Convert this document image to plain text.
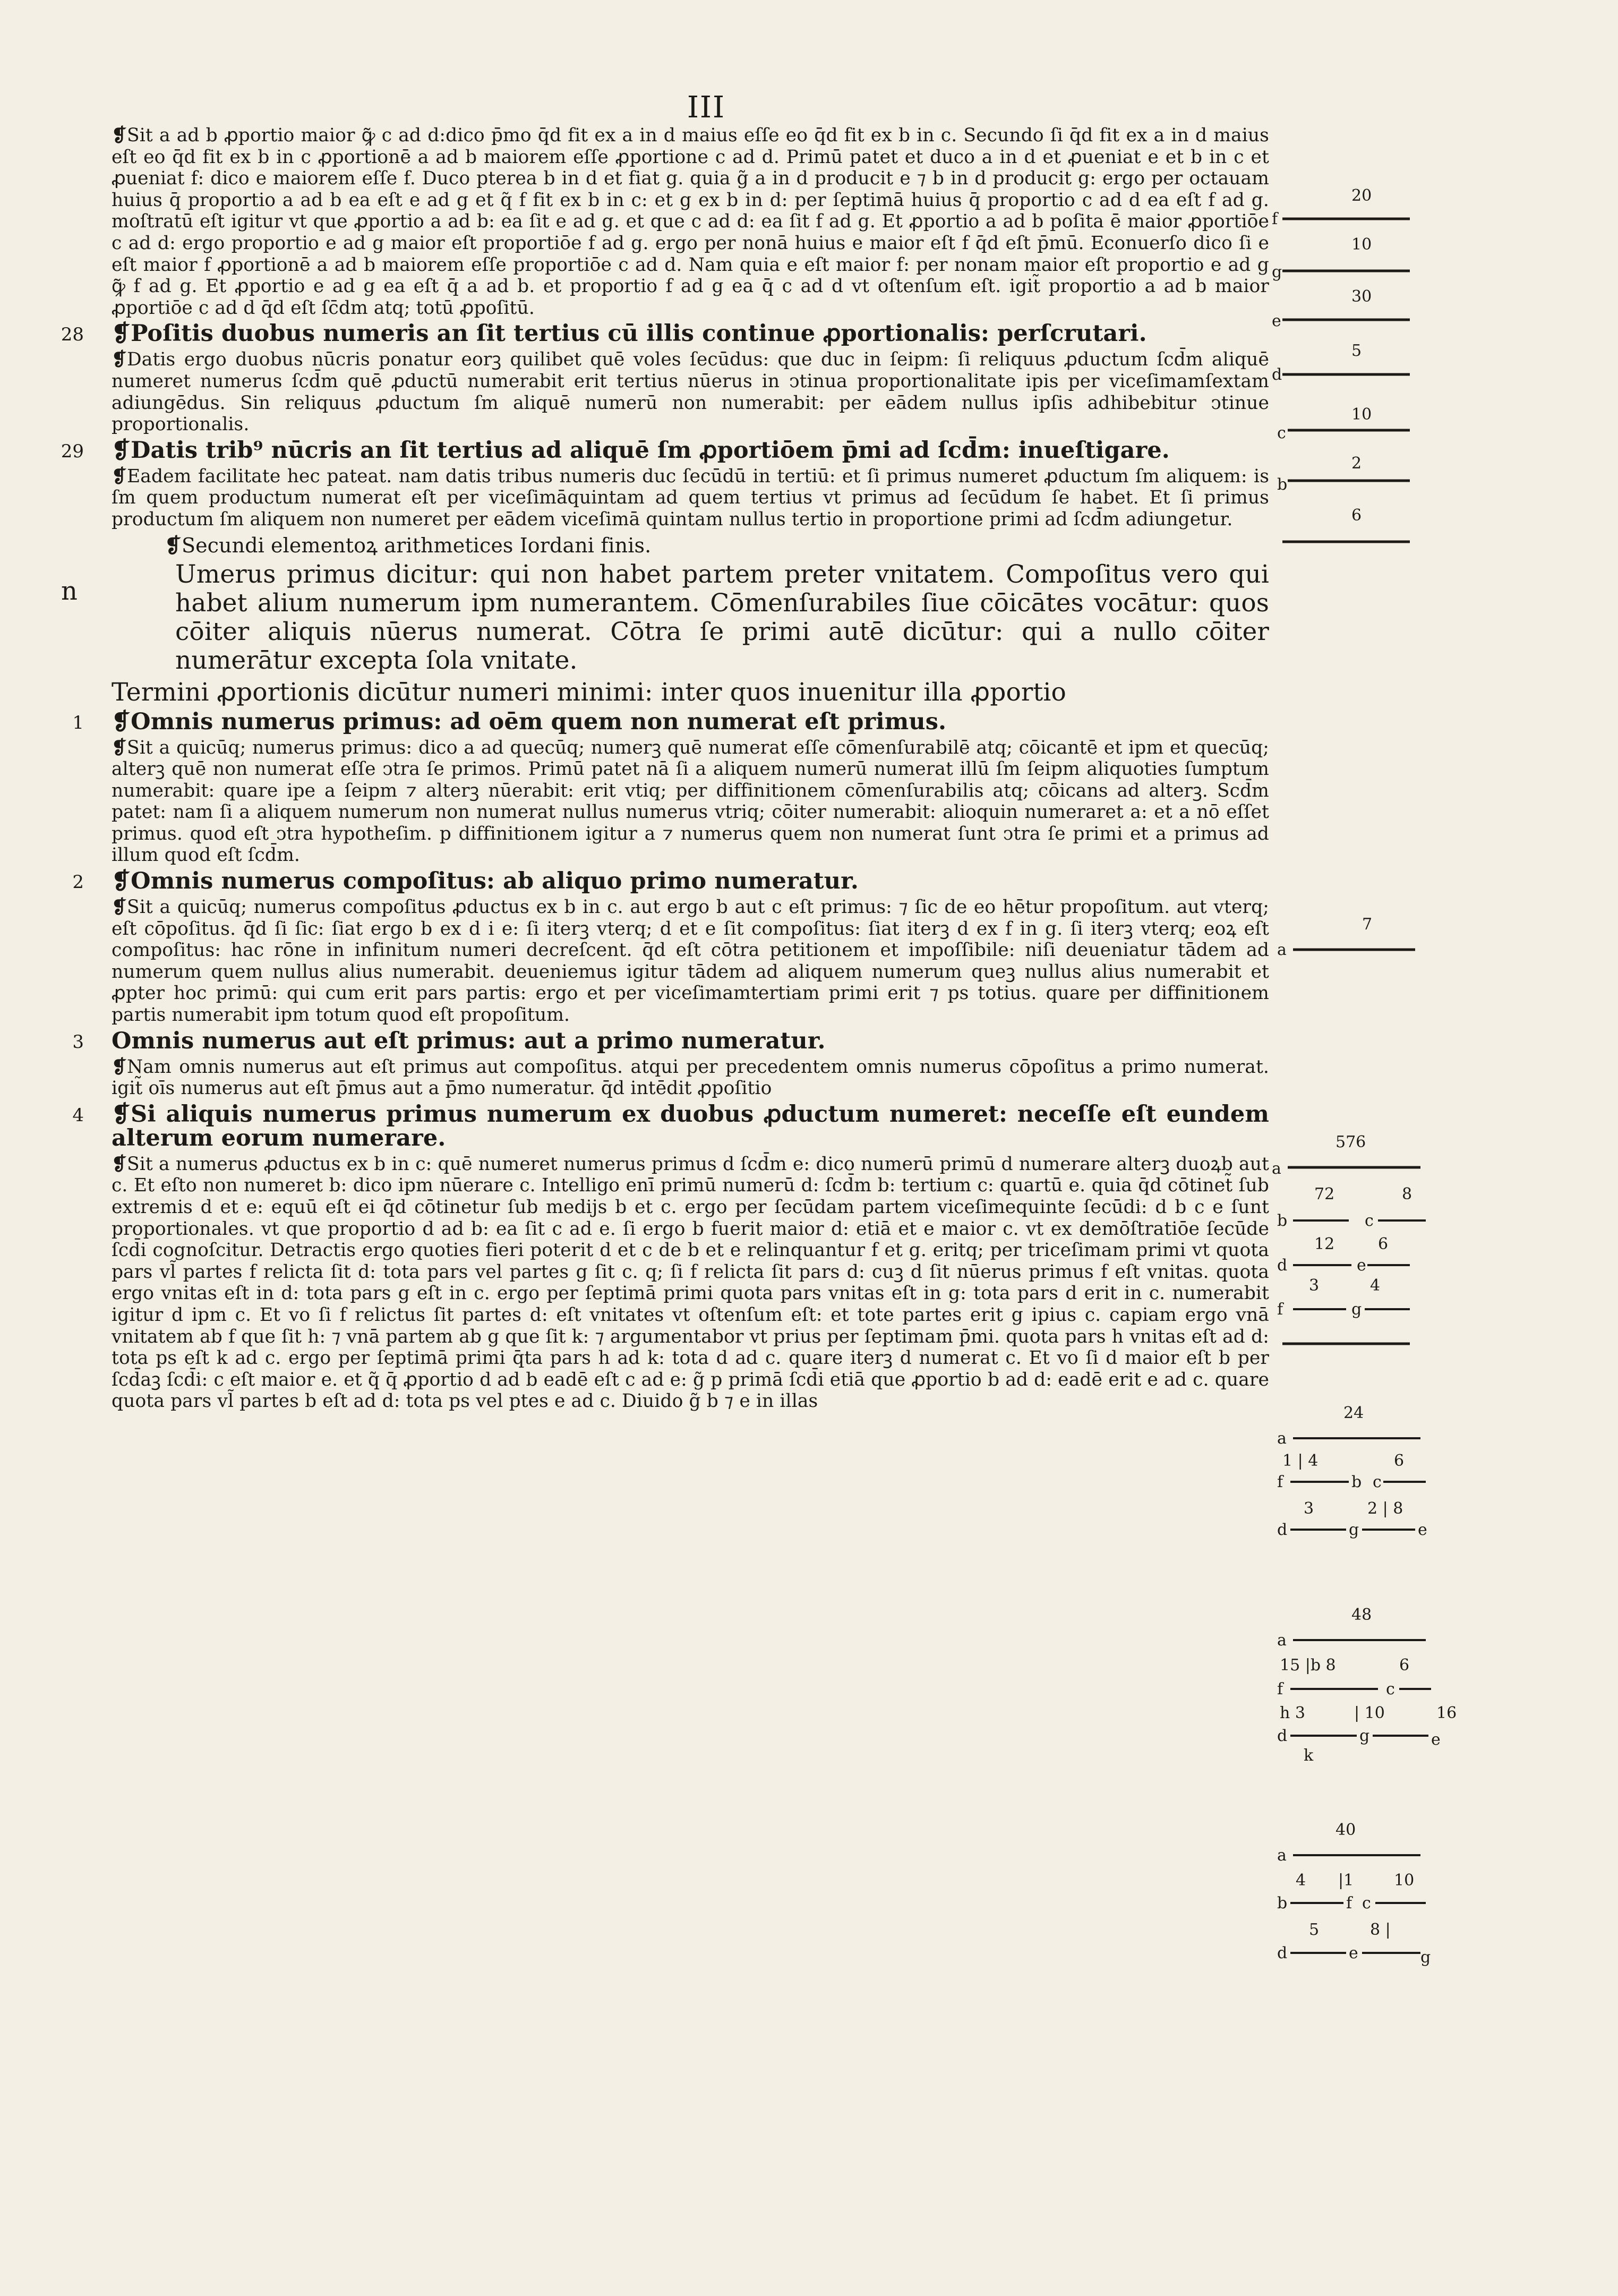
III

❡Sit a ad b ꝓportio maior ꝙ̃ c ad d:dico p̄mo q̄d fit ex a in d maius eſſe eo q̄d fit ex b in c. Secundo ſi q̄d fit ex a in d maius eſt eo q̄d fit ex b in c ꝓportionē a ad b maiorem eſſe ꝓportione c ad d. Primū patet et duco a in d et ꝓueniat e et b in c et ꝓueniat f: dico e maiorem eſſe f. Duco pterea b in d et fiat g. quia g̃ a in d producit e ⁊ b in d producit g: ergo per octauam huius q̄ proportio a ad b ea eſt e ad g et q̃ f fit ex b in c: et g ex b in d: per ſeptimā huius q̄ proportio c ad d ea eſt f ad g. moſtratū eſt igitur vt que ꝓportio a ad b: ea ſit e ad g. et que c ad d: ea ſit f ad g. Et ꝓportio a ad b poſita ē maior ꝓportiōe c ad d: ergo proportio e ad g maior eſt proportiōe f ad g. ergo per nonā huius e maior eſt f q̄d eſt p̄mū. Econuerſo dico ſi e eſt maior f ꝓportionē a ad b maiorem eſſe proportiōe c ad d. Nam quia e eſt maior f: per nonam maior eſt proportio e ad g ꝙ̃ f ad g. Et ꝓportio e ad g ea eſt q̄ a ad b. et proportio f ad g ea q̄ c ad d vt oſtenſum eſt. igit̃ proportio a ad b maior ꝓportiōe c ad d q̄d eſt ſc̄dm atq; totū ꝓpoſitū.

28 ❡Poſitis duobus numeris an ſit tertius cū illis continue ꝓportionalis: perſcrutari.

❡Datis ergo duobus nūcris ponatur eorꝫ quilibet quē voles ſecūdus: que duc in ſeipm: ſi reliquus ꝓductum ſcd̄m aliquē numeret numerus ſcd̄m quē ꝓductū numerabit erit tertius nūerus in ↄtinua proportionalitate ipis per viceſimamſextam adiungēdus. Sin reliquus ꝓductum ſm aliquē numerū non numerabit: per eādem nullus ipſis adhibebitur ↄtinue proportionalis.

29 ❡Datis trib⁹ nūcris an ſit tertius ad aliquē ſm ꝓportiōem p̄mi ad ſcd̄m: inueſtigare.

❡Eadem facilitate hec pateat. nam datis tribus numeris duc ſecūdū in tertiū: et ſi primus numeret ꝓductum ſm aliquem: is ſm quem productum numerat eſt per viceſimāquintam ad quem tertius vt primus ad ſecūdum ſe habet. Et ſi primus productum ſm aliquem non numeret per eādem viceſimā quintam nullus tertio in proportione primi ad ſcd̄m adiungetur.

❡Secundi elementoꝝ arithmetices Iordani finis.

n

Umerus primus dicitur: qui non habet partem preter vnitatem. Compoſitus vero qui habet alium numerum ipm numerantem. Cōmenſurabiles ſiue cōicātes vocātur: quos cōiter aliquis nūerus numerat. Cōtra ſe primi autē dicūtur: qui a nullo cōiter numerātur excepta ſola vnitate.

Termini ꝓportionis dicūtur numeri minimi: inter quos inuenitur illa ꝓportio

1 ❡Omnis numerus primus: ad oēm quem non numerat eſt primus.

❡Sit a quicūq; numerus primus: dico a ad quecūq; numerꝫ quē numerat eſſe cōmenſurabilē atq; cōicantē et ipm et quecūq; alterꝫ quē non numerat eſſe ↄtra ſe primos. Primū patet nā ſi a aliquem numerū numerat illū ſm ſeipm aliquoties ſumptum numerabit: quare ipe a ſeipm ⁊ alterꝫ nūerabit: erit vtiq; per diffinitionem cōmenſurabilis atq; cōicans ad alterꝫ. Scd̄m patet: nam ſi a aliquem numerum non numerat nullus numerus vtriq; cōiter numerabit: alioquin numeraret a: et a nō eſſet primus. quod eſt ↄtra hypotheſim. p diffinitionem igitur a ⁊ numerus quem non numerat ſunt ↄtra ſe primi et a primus ad illum quod eſt ſcd̄m.

2 ❡Omnis numerus compoſitus: ab aliquo primo numeratur.

❡Sit a quicūq; numerus compoſitus ꝓductus ex b in c. aut ergo b aut c eſt primus: ⁊ ſic de eo hētur propoſitum. aut vterq; eſt cōpoſitus. q̄d ſi ſic: ſiat ergo b ex d i e: ſi iterꝫ vterq; d et e ſit compoſitus: ſiat iterꝫ d ex f in g. ſi iterꝫ vterq; eoꝝ eſt compoſitus: hac rōne in infinitum numeri decreſcent. q̄d eſt cōtra petitionem et impoſſibile: niſi deueniatur tādem ad numerum quem nullus alius numerabit. deueniemus igitur tādem ad aliquem numerum queꝫ nullus alius numerabit et ꝓpter hoc primū: qui cum erit pars partis: ergo et per viceſimamtertiam primi erit ⁊ ps totius. quare per diffinitionem partis numerabit ipm totum quod eſt propoſitum.

3 Omnis numerus aut eſt primus: aut a primo numeratur.

❡Nam omnis numerus aut eſt primus aut compoſitus. atqui per precedentem omnis numerus cōpoſitus a primo numerat. igit̃ oīs numerus aut eſt p̄mus aut a p̄mo numeratur. q̄d intēdit ꝓpoſitio

4 ❡Si aliquis numerus primus numerum ex duobus ꝓductum numeret: neceſſe eſt eundem alterum eorum numerare.

❡Sit a numerus ꝓductus ex b in c: quē numeret numerus primus d ſcd̄m e: dico numerū primū d numerare alterꝫ duoꝝb aut c. Et eſto non numeret b: dico ipm nūerare c. Intelligo enī primū numerū d: ſcd̄m b: tertium c: quartū e. quia q̄d cōtinet̃ ſub extremis d et e: equū eſt ei q̄d cōtinetur ſub medijs b et c. ergo per ſecūdam partem viceſimequinte ſecūdi: d b c e ſunt proportionales. vt que proportio d ad b: ea ſit c ad e. ſi ergo b fuerit maior d: etiā et e maior c. vt ex demōſtratiōe ſecūde ſcd̄i cognoſcitur. Detractis ergo quoties fieri poterit d et c de b et e relinquantur f et g. eritq; per triceſimam primi vt quota pars vl̃ partes f relicta ſit d: tota pars vel partes g ſit c. q; ſi f relicta ſit pars d: cuꝫ d ſit nūerus primus f eſt vnitas. quota ergo vnitas eſt in d: tota pars g eſt in c. ergo per ſeptimā primi quota pars vnitas eſt in g: tota pars d erit in c. numerabit igitur d ipm c. Et vo ſi f relictus ſit partes d: eſt vnitates vt oſtenſum eſt: et tote partes erit g ipius c. capiam ergo vnā vnitatem ab f que ſit h: ⁊ vnā partem ab g que ſit k: ⁊ argumentabor vt prius per ſeptimam p̄mi. quota pars h vnitas eſt ad d: tota ps eſt k ad c. ergo per ſeptimā primi q̄ta pars h ad k: tota d ad c. quare iterꝫ d numerat c. Et vo ſi d maior eſt b per ſcd̄aꝫ ſcd̄i: c eſt maior e. et q̃ q̄ ꝓportio d ad b eadē eſt c ad e: g̃ p primā ſcd̄i etiā que ꝓportio b ad d: eadē erit e ad c. quare quota pars vl̃ partes b eſt ad d: tota ps vel ptes e ad c. Diuido g̃ b ⁊ e in illas

20
f
10
g
30
e
5
d
10
c
2
b
6
7
a
576
a
72	8
b	c
12	6
d	e
3	4
f	g
24
a
1 | 4	6
f	b c
3	2 | 8
d	g	e
48
a
15 |b 8	6
f	c
h 3	| 10	16
d	g	e
k
40
a
4 |1	10
b	f c
5	8 |
d	e	g
